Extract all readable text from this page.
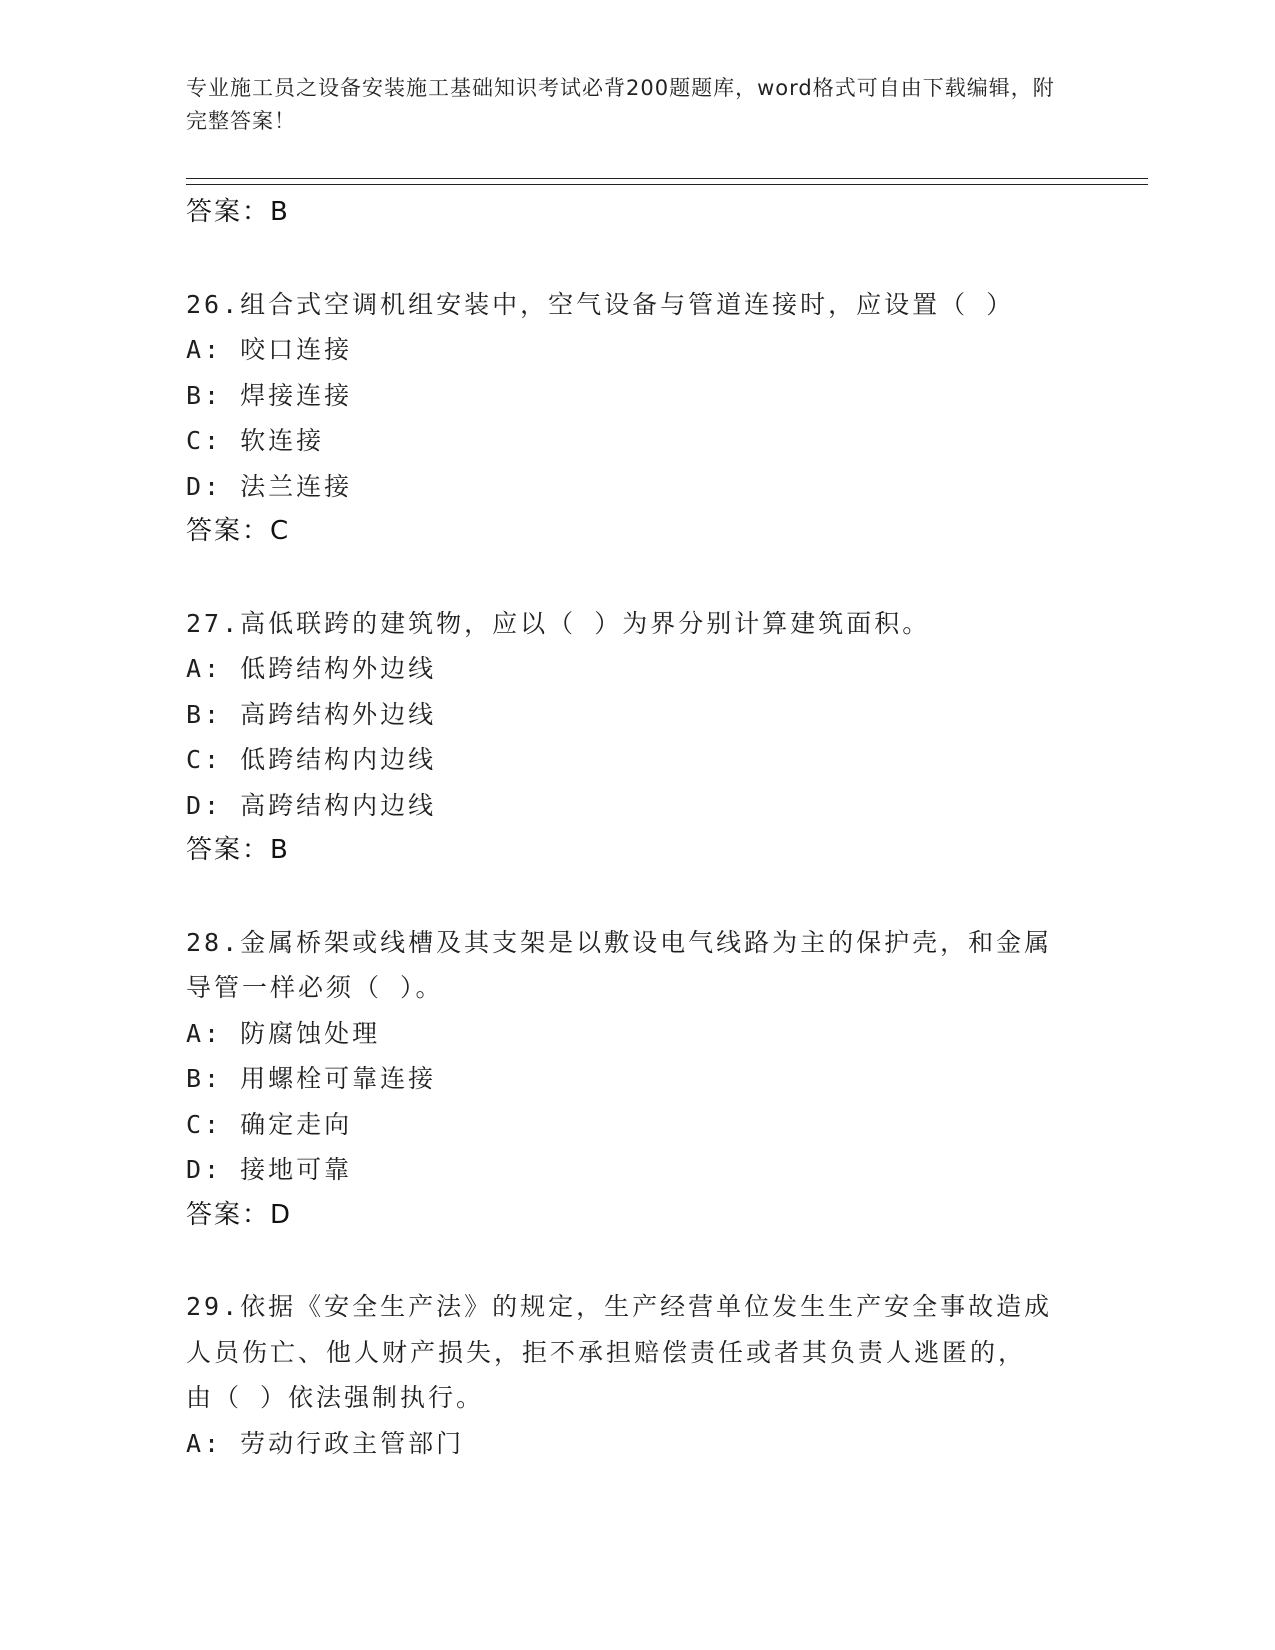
专业施工员之设备安装施工基础知识考试必背200题题库，word格式可自由下载编辑，附完整答案！
答案：B
26.组合式空调机组安装中，空气设备与管道连接时，应设置（ ）
A: 咬口连接
B: 焊接连接
C: 软连接
D: 法兰连接
答案：C
27.高低联跨的建筑物，应以（ ）为界分别计算建筑面积。
A: 低跨结构外边线
B: 高跨结构外边线
C: 低跨结构内边线
D: 高跨结构内边线
答案：B
28.金属桥架或线槽及其支架是以敷设电气线路为主的保护壳，和金属
导管一样必须（ ）。
A: 防腐蚀处理
B: 用螺栓可靠连接
C: 确定走向
D: 接地可靠
答案：D
29.依据《安全生产法》的规定，生产经营单位发生生产安全事故造成
人员伤亡、他人财产损失，拒不承担赔偿责任或者其负责人逃匿的，
由（ ）依法强制执行。
A: 劳动行政主管部门
